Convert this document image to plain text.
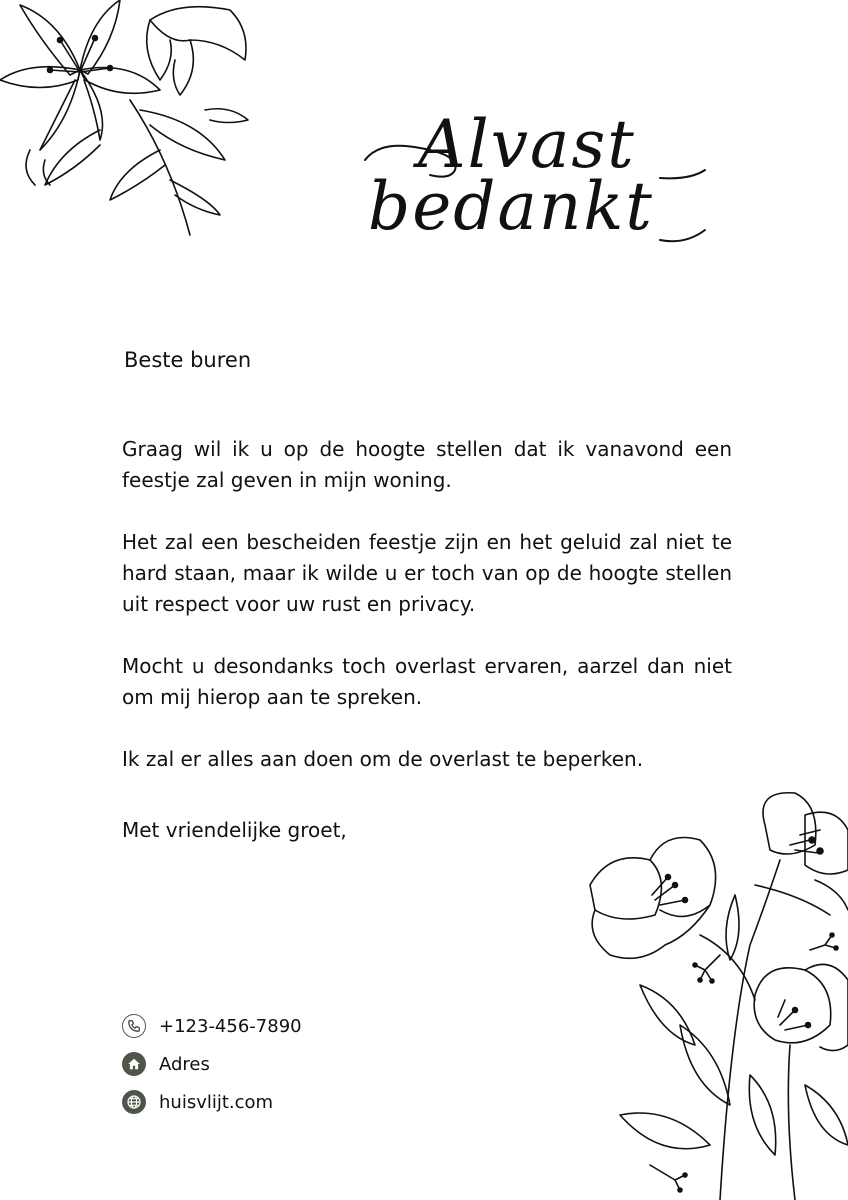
Alvast
bedankt
Beste buren

Graag wil ik u op de hoogte stellen dat ik vanavond een feestje zal geven in mijn woning.

Het zal een bescheiden feestje zijn en het geluid zal niet te hard staan, maar ik wilde u er toch van op de hoogte stellen uit respect voor uw rust en privacy.

Mocht u desondanks toch overlast ervaren, aarzel dan niet om mij hierop aan te spreken.

Ik zal er alles aan doen om de overlast te beperken.

Met vriendelijke groet,
+123-456-7890
Adres
huisvlijt.com
